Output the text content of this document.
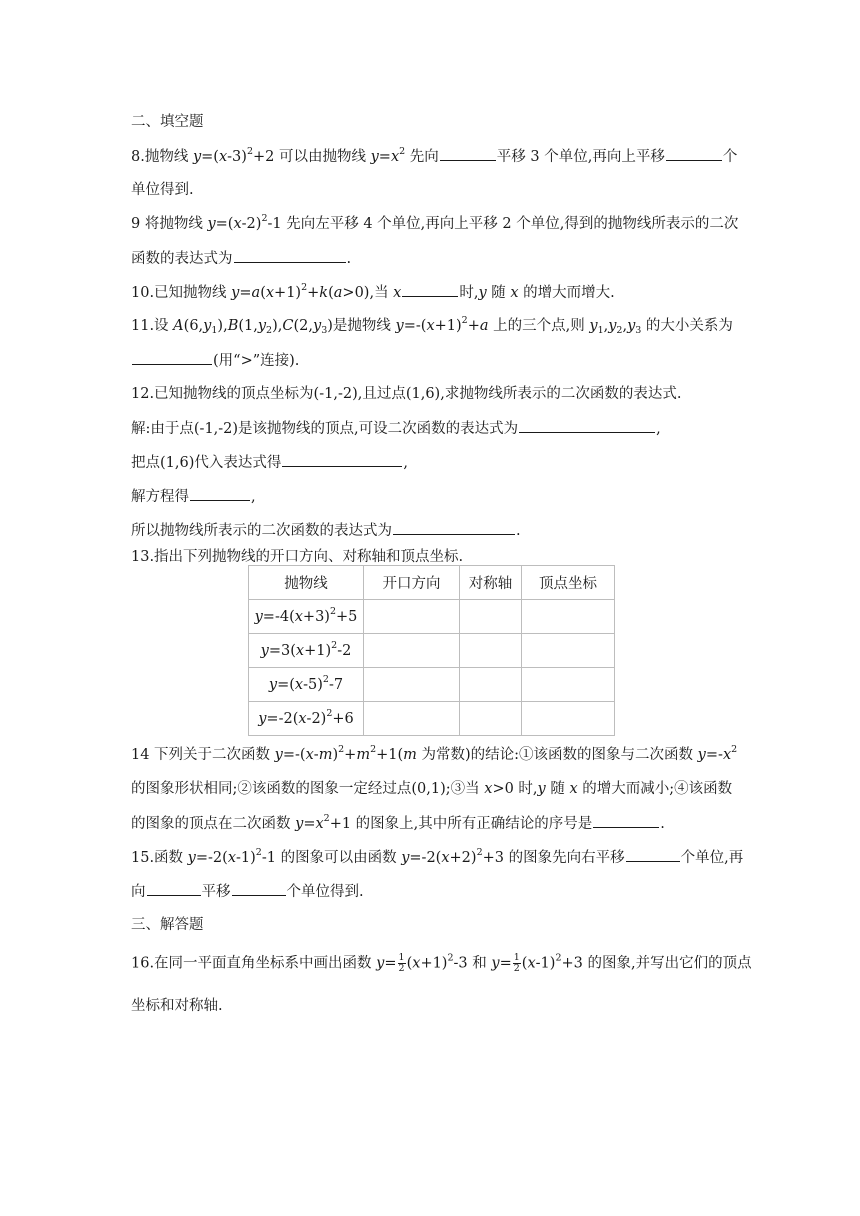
二、填空题
8.抛物线 $y=(x-3)^2+2$ 可以由抛物线 $y=x^2$ 先向	平移 3 个单位,再向上平移	个
单位得到.
9 将抛物线 $y=(x-2)^2-1$ 先向左平移 4 个单位,再向上平移 2 个单位,得到的抛物线所表示的二次
函数的表达式为	.
10.已知抛物线 $y=a(x+1)^2+k(a>0)$,当 x	时,y 随 x 的增大而增大.
11.设 $A(6,y_1),B(1,y_2),C(2,y_3)$是抛物线 $y=-(x+1)^2+a$ 上的三个点,则 $y_1,y_2,y_3$ 的大小关系为
(用“>”连接).
12.已知抛物线的顶点坐标为(-1,-2),且过点(1,6),求抛物线所表示的二次函数的表达式.
解:由于点(-1,-2)是该抛物线的顶点,可设二次函数的表达式为	,
把点(1,6)代入表达式得	,
解方程得	,
所以抛物线所表示的二次函数的表达式为	.
13.指出下列抛物线的开口方向、对称轴和顶点坐标.
抛物线	开口方向	对称轴	顶点坐标
$y=-4(x+3)^2+5$			
$y=3(x+1)^2-2$			
$y=(x-5)^2-7$			
$y=-2(x-2)^2+6$			
14 下列关于二次函数 $y=-(x-m)^2+m^2+1(m$ 为常数)的结论:①该函数的图象与二次函数 $y=-x^2$
的图象形状相同;②该函数的图象一定经过点(0,1);③当 x>0 时,y 随 x 的增大而减小;④该函数
的图象的顶点在二次函数 $y=x^2+1$ 的图象上,其中所有正确结论的序号是	.
15.函数 $y=-2(x-1)^2-1$ 的图象可以由函数 $y=-2(x+2)^2+3$ 的图象先向右平移	个单位,再
向	平移	个单位得到.
三、解答题
16.在同一平面直角坐标系中画出函数 $y= \frac{1}{2} (x+1)^2-3$ 和 $y= \frac{1}{2} (x-1)^2+3$ 的图象,并写出它们的顶点
坐标和对称轴.
